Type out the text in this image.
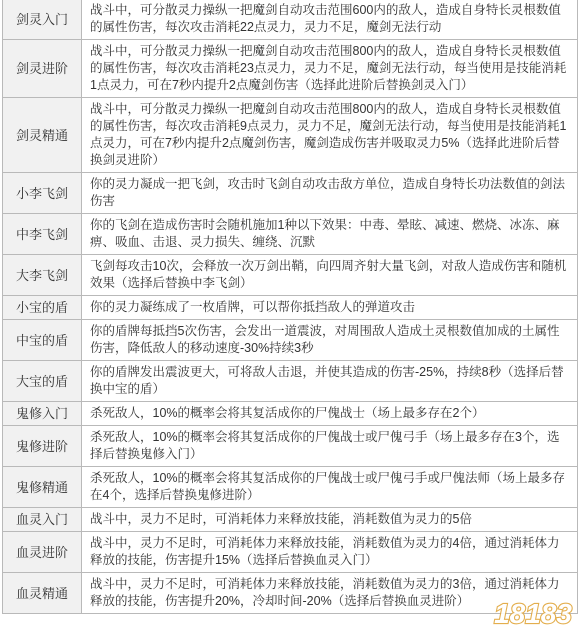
剑灵入门	战斗中，可分散灵力操纵一把魔剑自动攻击范围600内的敌人，造成自身特长灵根数值的属性伤害，每次攻击消耗22点灵力，灵力不足，魔剑无法行动
剑灵进阶	战斗中，可分散灵力操纵一把魔剑自动攻击范围800内的敌人，造成自身特长灵根数值的属性伤害，每次攻击消耗23点灵力，灵力不足，魔剑无法行动，每当使用是技能消耗1点灵力，可在7秒内提升2点魔剑伤害（选择此进阶后替换剑灵入门）
剑灵精通	战斗中，可分散灵力操纵一把魔剑自动攻击范围800内的敌人，造成自身特长灵根数值的属性伤害，每次攻击消耗9点灵力，灵力不足，魔剑无法行动，每当使用是技能消耗1点灵力，可在7秒内提升2点魔剑伤害，魔剑造成伤害并吸取灵力5%（选择此进阶后替换剑灵进阶）
小李飞剑	你的灵力凝成一把飞剑，攻击时飞剑自动攻击敌方单位，造成自身特长功法数值的剑法伤害
中李飞剑	你的飞剑在造成伤害时会随机施加1种以下效果：中毒、晕眩、减速、燃烧、冰冻、麻痹、吸血、击退、灵力损失、缠绕、沉默
大李飞剑	飞剑每攻击10次，会释放一次万剑出鞘，向四周齐射大量飞剑，对敌人造成伤害和随机效果（选择后替换中李飞剑）
小宝的盾	你的灵力凝练成了一枚盾牌，可以帮你抵挡敌人的弹道攻击
中宝的盾	你的盾牌每抵挡5次伤害，会发出一道震波，对周围敌人造成土灵根数值加成的土属性伤害，降低敌人的移动速度-30%持续3秒
大宝的盾	你的盾牌发出震波更大，可将敌人击退，并使其造成的伤害-25%，持续8秒（选择后替换中宝的盾）
鬼修入门	杀死敌人，10%的概率会将其复活成你的尸傀战士（场上最多存在2个）
鬼修进阶	杀死敌人，10%的概率会将其复活成你的尸傀战士或尸傀弓手（场上最多存在3个，选择后替换鬼修入门）
鬼修精通	杀死敌人，10%的概率会将其复活成你的尸傀战士或尸傀弓手或尸傀法师（场上最多存在4个，选择后替换鬼修进阶）
血灵入门	战斗中，灵力不足时，可消耗体力来释放技能，消耗数值为灵力的5倍
血灵进阶	战斗中，灵力不足时，可消耗体力来释放技能，消耗数值为灵力的4倍，通过消耗体力释放的技能，伤害提升15%（选择后替换血灵入门）
血灵精通	战斗中，灵力不足时，可消耗体力来释放技能，消耗数值为灵力的3倍，通过消耗体力释放的技能，伤害提升20%，冷却时间-20%（选择后替换血灵进阶） 18183
